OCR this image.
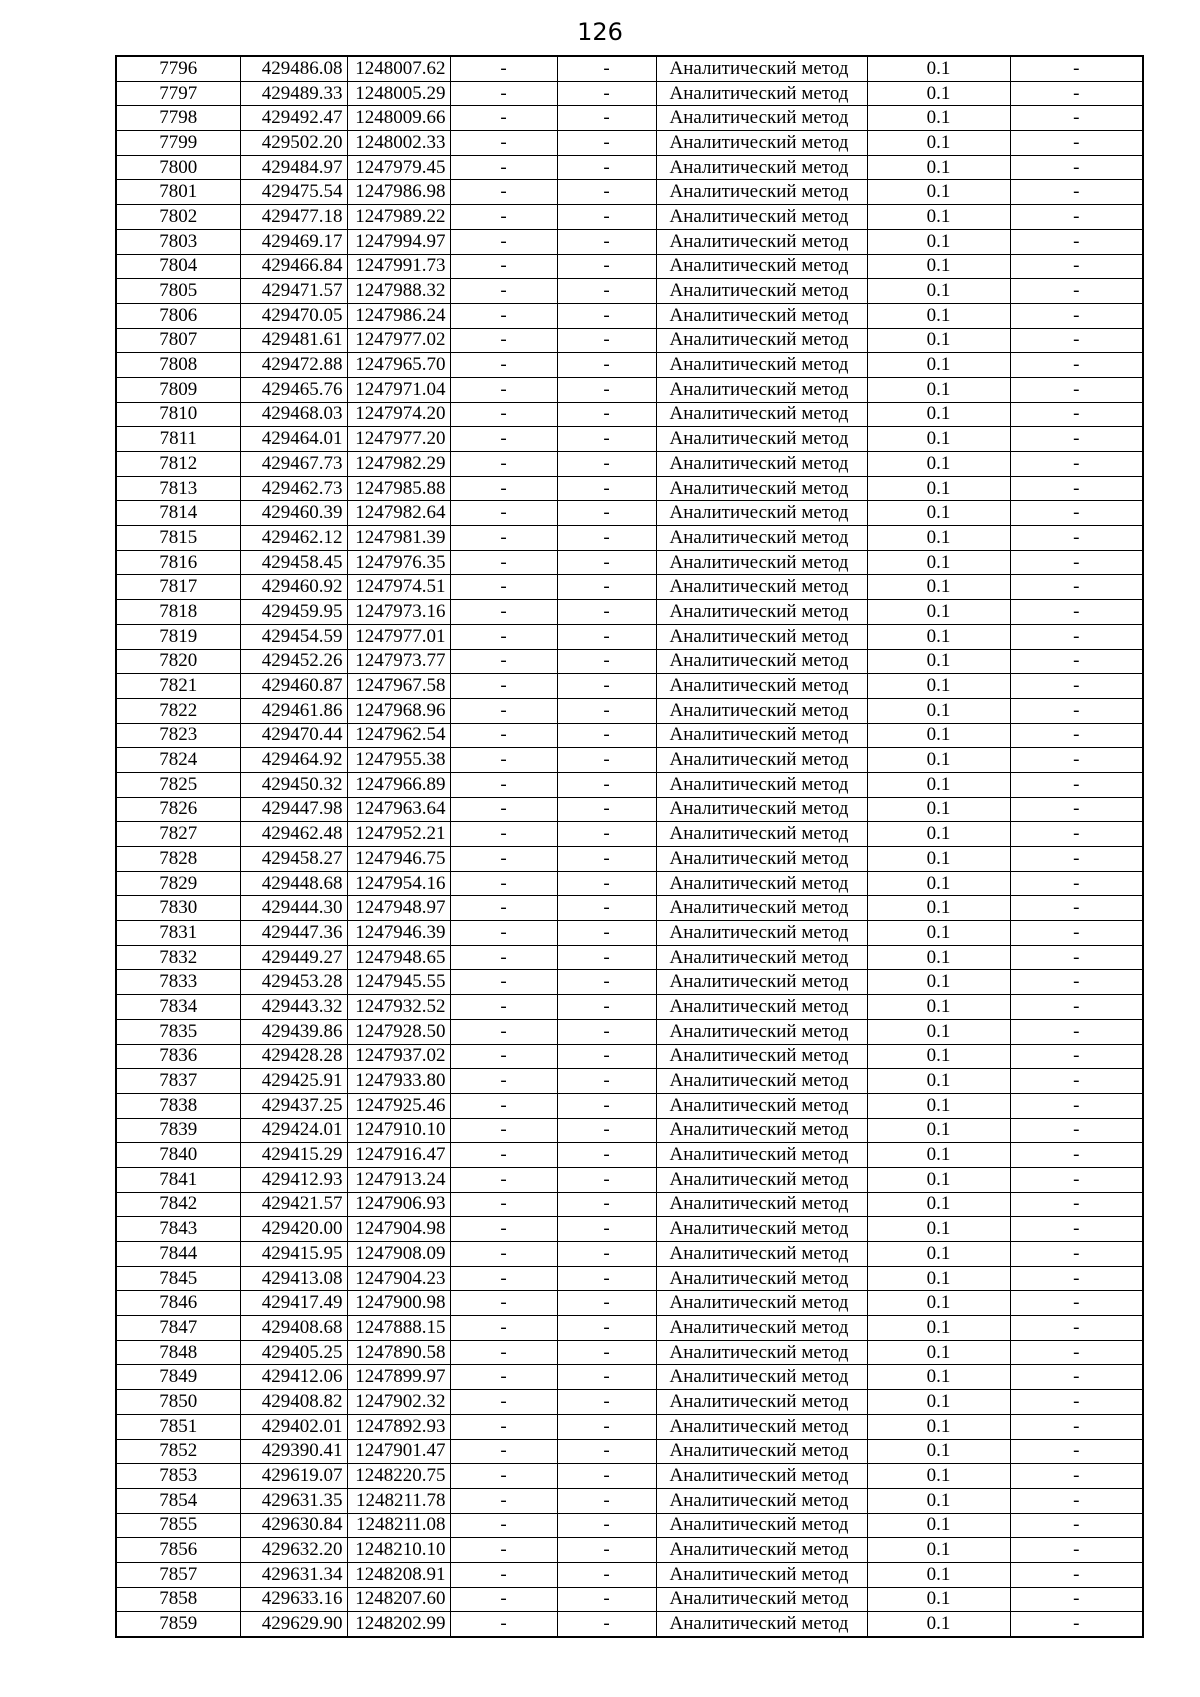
126
7796	429486.08	1248007.62	-	-	Аналитический метод	0.1	-
7797	429489.33	1248005.29	-	-	Аналитический метод	0.1	-
7798	429492.47	1248009.66	-	-	Аналитический метод	0.1	-
7799	429502.20	1248002.33	-	-	Аналитический метод	0.1	-
7800	429484.97	1247979.45	-	-	Аналитический метод	0.1	-
7801	429475.54	1247986.98	-	-	Аналитический метод	0.1	-
7802	429477.18	1247989.22	-	-	Аналитический метод	0.1	-
7803	429469.17	1247994.97	-	-	Аналитический метод	0.1	-
7804	429466.84	1247991.73	-	-	Аналитический метод	0.1	-
7805	429471.57	1247988.32	-	-	Аналитический метод	0.1	-
7806	429470.05	1247986.24	-	-	Аналитический метод	0.1	-
7807	429481.61	1247977.02	-	-	Аналитический метод	0.1	-
7808	429472.88	1247965.70	-	-	Аналитический метод	0.1	-
7809	429465.76	1247971.04	-	-	Аналитический метод	0.1	-
7810	429468.03	1247974.20	-	-	Аналитический метод	0.1	-
7811	429464.01	1247977.20	-	-	Аналитический метод	0.1	-
7812	429467.73	1247982.29	-	-	Аналитический метод	0.1	-
7813	429462.73	1247985.88	-	-	Аналитический метод	0.1	-
7814	429460.39	1247982.64	-	-	Аналитический метод	0.1	-
7815	429462.12	1247981.39	-	-	Аналитический метод	0.1	-
7816	429458.45	1247976.35	-	-	Аналитический метод	0.1	-
7817	429460.92	1247974.51	-	-	Аналитический метод	0.1	-
7818	429459.95	1247973.16	-	-	Аналитический метод	0.1	-
7819	429454.59	1247977.01	-	-	Аналитический метод	0.1	-
7820	429452.26	1247973.77	-	-	Аналитический метод	0.1	-
7821	429460.87	1247967.58	-	-	Аналитический метод	0.1	-
7822	429461.86	1247968.96	-	-	Аналитический метод	0.1	-
7823	429470.44	1247962.54	-	-	Аналитический метод	0.1	-
7824	429464.92	1247955.38	-	-	Аналитический метод	0.1	-
7825	429450.32	1247966.89	-	-	Аналитический метод	0.1	-
7826	429447.98	1247963.64	-	-	Аналитический метод	0.1	-
7827	429462.48	1247952.21	-	-	Аналитический метод	0.1	-
7828	429458.27	1247946.75	-	-	Аналитический метод	0.1	-
7829	429448.68	1247954.16	-	-	Аналитический метод	0.1	-
7830	429444.30	1247948.97	-	-	Аналитический метод	0.1	-
7831	429447.36	1247946.39	-	-	Аналитический метод	0.1	-
7832	429449.27	1247948.65	-	-	Аналитический метод	0.1	-
7833	429453.28	1247945.55	-	-	Аналитический метод	0.1	-
7834	429443.32	1247932.52	-	-	Аналитический метод	0.1	-
7835	429439.86	1247928.50	-	-	Аналитический метод	0.1	-
7836	429428.28	1247937.02	-	-	Аналитический метод	0.1	-
7837	429425.91	1247933.80	-	-	Аналитический метод	0.1	-
7838	429437.25	1247925.46	-	-	Аналитический метод	0.1	-
7839	429424.01	1247910.10	-	-	Аналитический метод	0.1	-
7840	429415.29	1247916.47	-	-	Аналитический метод	0.1	-
7841	429412.93	1247913.24	-	-	Аналитический метод	0.1	-
7842	429421.57	1247906.93	-	-	Аналитический метод	0.1	-
7843	429420.00	1247904.98	-	-	Аналитический метод	0.1	-
7844	429415.95	1247908.09	-	-	Аналитический метод	0.1	-
7845	429413.08	1247904.23	-	-	Аналитический метод	0.1	-
7846	429417.49	1247900.98	-	-	Аналитический метод	0.1	-
7847	429408.68	1247888.15	-	-	Аналитический метод	0.1	-
7848	429405.25	1247890.58	-	-	Аналитический метод	0.1	-
7849	429412.06	1247899.97	-	-	Аналитический метод	0.1	-
7850	429408.82	1247902.32	-	-	Аналитический метод	0.1	-
7851	429402.01	1247892.93	-	-	Аналитический метод	0.1	-
7852	429390.41	1247901.47	-	-	Аналитический метод	0.1	-
7853	429619.07	1248220.75	-	-	Аналитический метод	0.1	-
7854	429631.35	1248211.78	-	-	Аналитический метод	0.1	-
7855	429630.84	1248211.08	-	-	Аналитический метод	0.1	-
7856	429632.20	1248210.10	-	-	Аналитический метод	0.1	-
7857	429631.34	1248208.91	-	-	Аналитический метод	0.1	-
7858	429633.16	1248207.60	-	-	Аналитический метод	0.1	-
7859	429629.90	1248202.99	-	-	Аналитический метод	0.1	-
